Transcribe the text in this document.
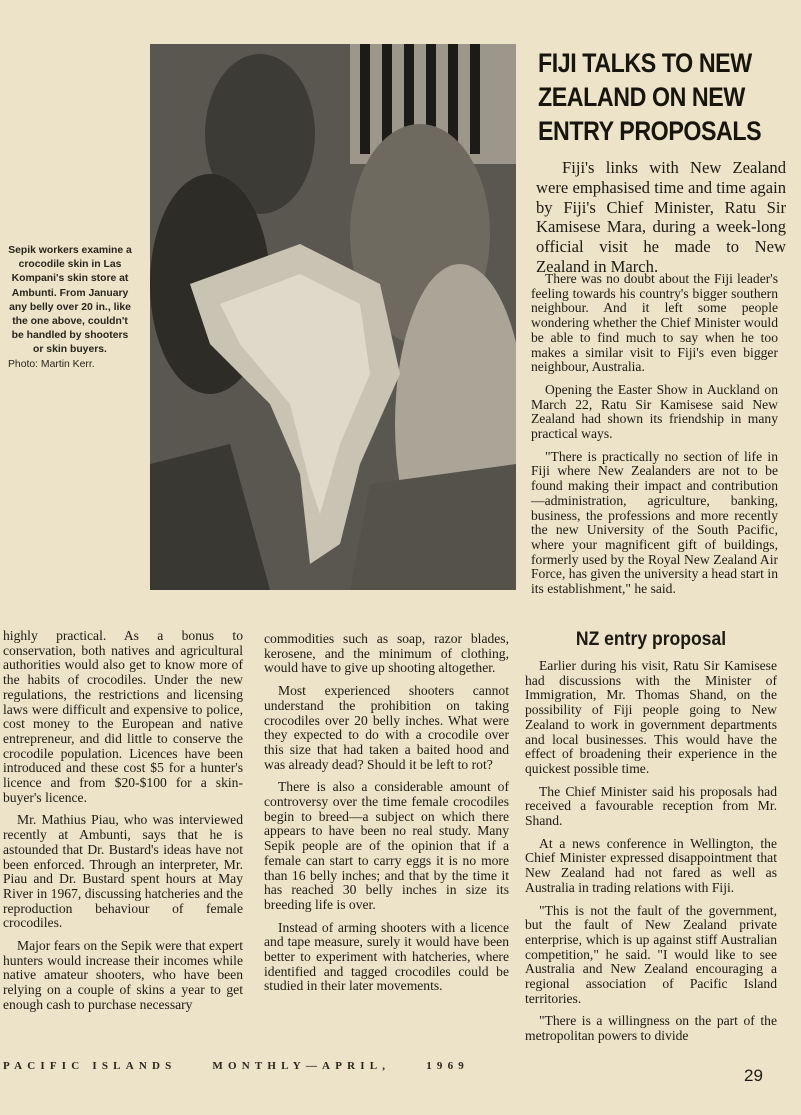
Sepik workers examine a crocodile skin in Las Kompani's skin store at Ambunti. From January any belly over 20 in., like the one above, couldn't be handled by shooters or skin buyers.
Photo: Martin Kerr.
FIJI TALKS TO NEW ZEALAND ON NEW ENTRY PROPOSALS

Fiji's links with New Zealand were emphasised time and time again by Fiji's Chief Minister, Ratu Sir Kamisese Mara, during a week-long official visit he made to New Zealand in March.

There was no doubt about the Fiji leader's feeling towards his country's bigger southern neighbour. And it left some people wondering whether the Chief Minister would be able to find much to say when he too makes a similar visit to Fiji's even bigger neighbour, Australia.

Opening the Easter Show in Auckland on March 22, Ratu Sir Kamisese said New Zealand had shown its friendship in many practical ways.

"There is practically no section of life in Fiji where New Zealanders are not to be found making their impact and contribution—administration, agriculture, banking, business, the professions and more recently the new University of the South Pacific, where your magnificent gift of buildings, formerly used by the Royal New Zealand Air Force, has given the university a head start in its establishment," he said.

highly practical. As a bonus to conservation, both natives and agricultural authorities would also get to know more of the habits of crocodiles. Under the new regulations, the restrictions and licensing laws were difficult and expensive to police, cost money to the European and native entrepreneur, and did little to conserve the crocodile population. Licences have been introduced and these cost $5 for a hunter's licence and from $20-$100 for a skin-buyer's licence.

Mr. Mathius Piau, who was interviewed recently at Ambunti, says that he is astounded that Dr. Bustard's ideas have not been enforced. Through an interpreter, Mr. Piau and Dr. Bustard spent hours at May River in 1967, discussing hatcheries and the reproduction behaviour of female crocodiles.

Major fears on the Sepik were that expert hunters would increase their incomes while native amateur shooters, who have been relying on a couple of skins a year to get enough cash to purchase necessary

commodities such as soap, razor blades, kerosene, and the minimum of clothing, would have to give up shooting altogether.

Most experienced shooters cannot understand the prohibition on taking crocodiles over 20 belly inches. What were they expected to do with a crocodile over this size that had taken a baited hood and was already dead? Should it be left to rot?

There is also a considerable amount of controversy over the time female crocodiles begin to breed—a subject on which there appears to have been no real study. Many Sepik people are of the opinion that if a female can start to carry eggs it is no more than 16 belly inches; and that by the time it has reached 30 belly inches in size its breeding life is over.

Instead of arming shooters with a licence and tape measure, surely it would have been better to experiment with hatcheries, where identified and tagged crocodiles could be studied in their later movements.

NZ entry proposal

Earlier during his visit, Ratu Sir Kamisese had discussions with the Minister of Immigration, Mr. Thomas Shand, on the possibility of Fiji people going to New Zealand to work in government departments and local businesses. This would have the effect of broadening their experience in the quickest possible time.

The Chief Minister said his proposals had received a favourable reception from Mr. Shand.

At a news conference in Wellington, the Chief Minister expressed disappointment that New Zealand had not fared as well as Australia in trading relations with Fiji.

"This is not the fault of the government, but the fault of New Zealand private enterprise, which is up against stiff Australian competition," he said. "I would like to see Australia and New Zealand encouraging a regional association of Pacific Island territories.

"There is a willingness on the part of the metropolitan powers to divide

PACIFIC ISLANDS	MONTHLY—APRIL,	1969	29
